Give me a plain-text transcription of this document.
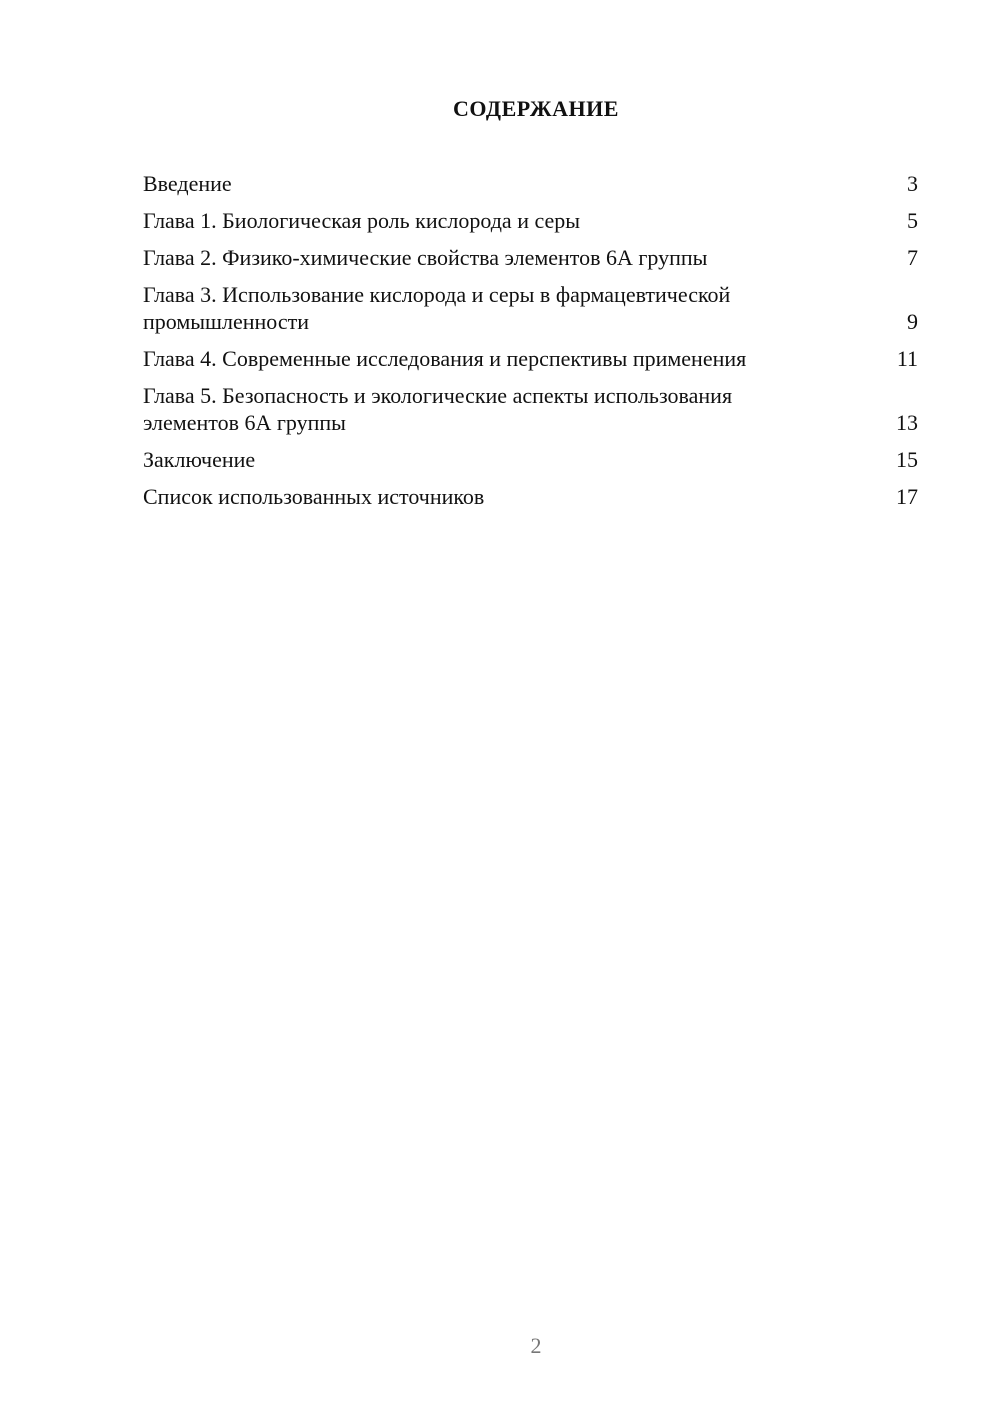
СОДЕРЖАНИЕ
Введение	3
Глава 1. Биологическая роль кислорода и серы	5
Глава 2. Физико-химические свойства элементов 6А группы	7
Глава 3. Использование кислорода и серы в фармацевтической промышленности	9
Глава 4. Современные исследования и перспективы применения	11
Глава 5. Безопасность и экологические аспекты использования элементов 6А группы	13
Заключение	15
Список использованных источников	17
2
